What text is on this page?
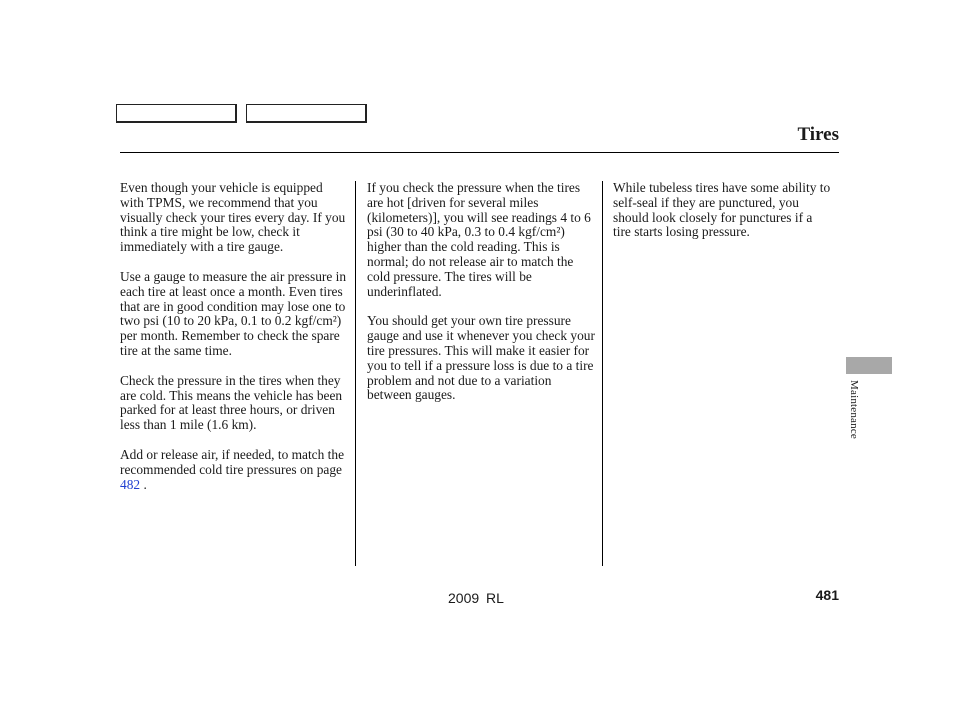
Tires

Even though your vehicle is equipped with TPMS, we recommend that you visually check your tires every day. If you think a tire might be low, check it immediately with a tire gauge.

Use a gauge to measure the air pressure in each tire at least once a month. Even tires that are in good condition may lose one to two psi (10 to 20 kPa, 0.1 to 0.2 kgf/cm²) per month. Remember to check the spare tire at the same time.

Check the pressure in the tires when they are cold. This means the vehicle has been parked for at least three hours, or driven less than 1 mile (1.6 km).

Add or release air, if needed, to match the recommended cold tire pressures on page 482 .

If you check the pressure when the tires are hot [driven for several miles (kilometers)], you will see readings 4 to 6 psi (30 to 40 kPa, 0.3 to 0.4 kgf/cm²) higher than the cold reading. This is normal; do not release air to match the cold pressure. The tires will be underinflated.

You should get your own tire pressure gauge and use it whenever you check your tire pressures. This will make it easier for you to tell if a pressure loss is due to a tire problem and not due to a variation between gauges.

While tubeless tires have some ability to self-seal if they are punctured, you should look closely for punctures if a tire starts losing pressure.

Maintenance
2009 RL	481
